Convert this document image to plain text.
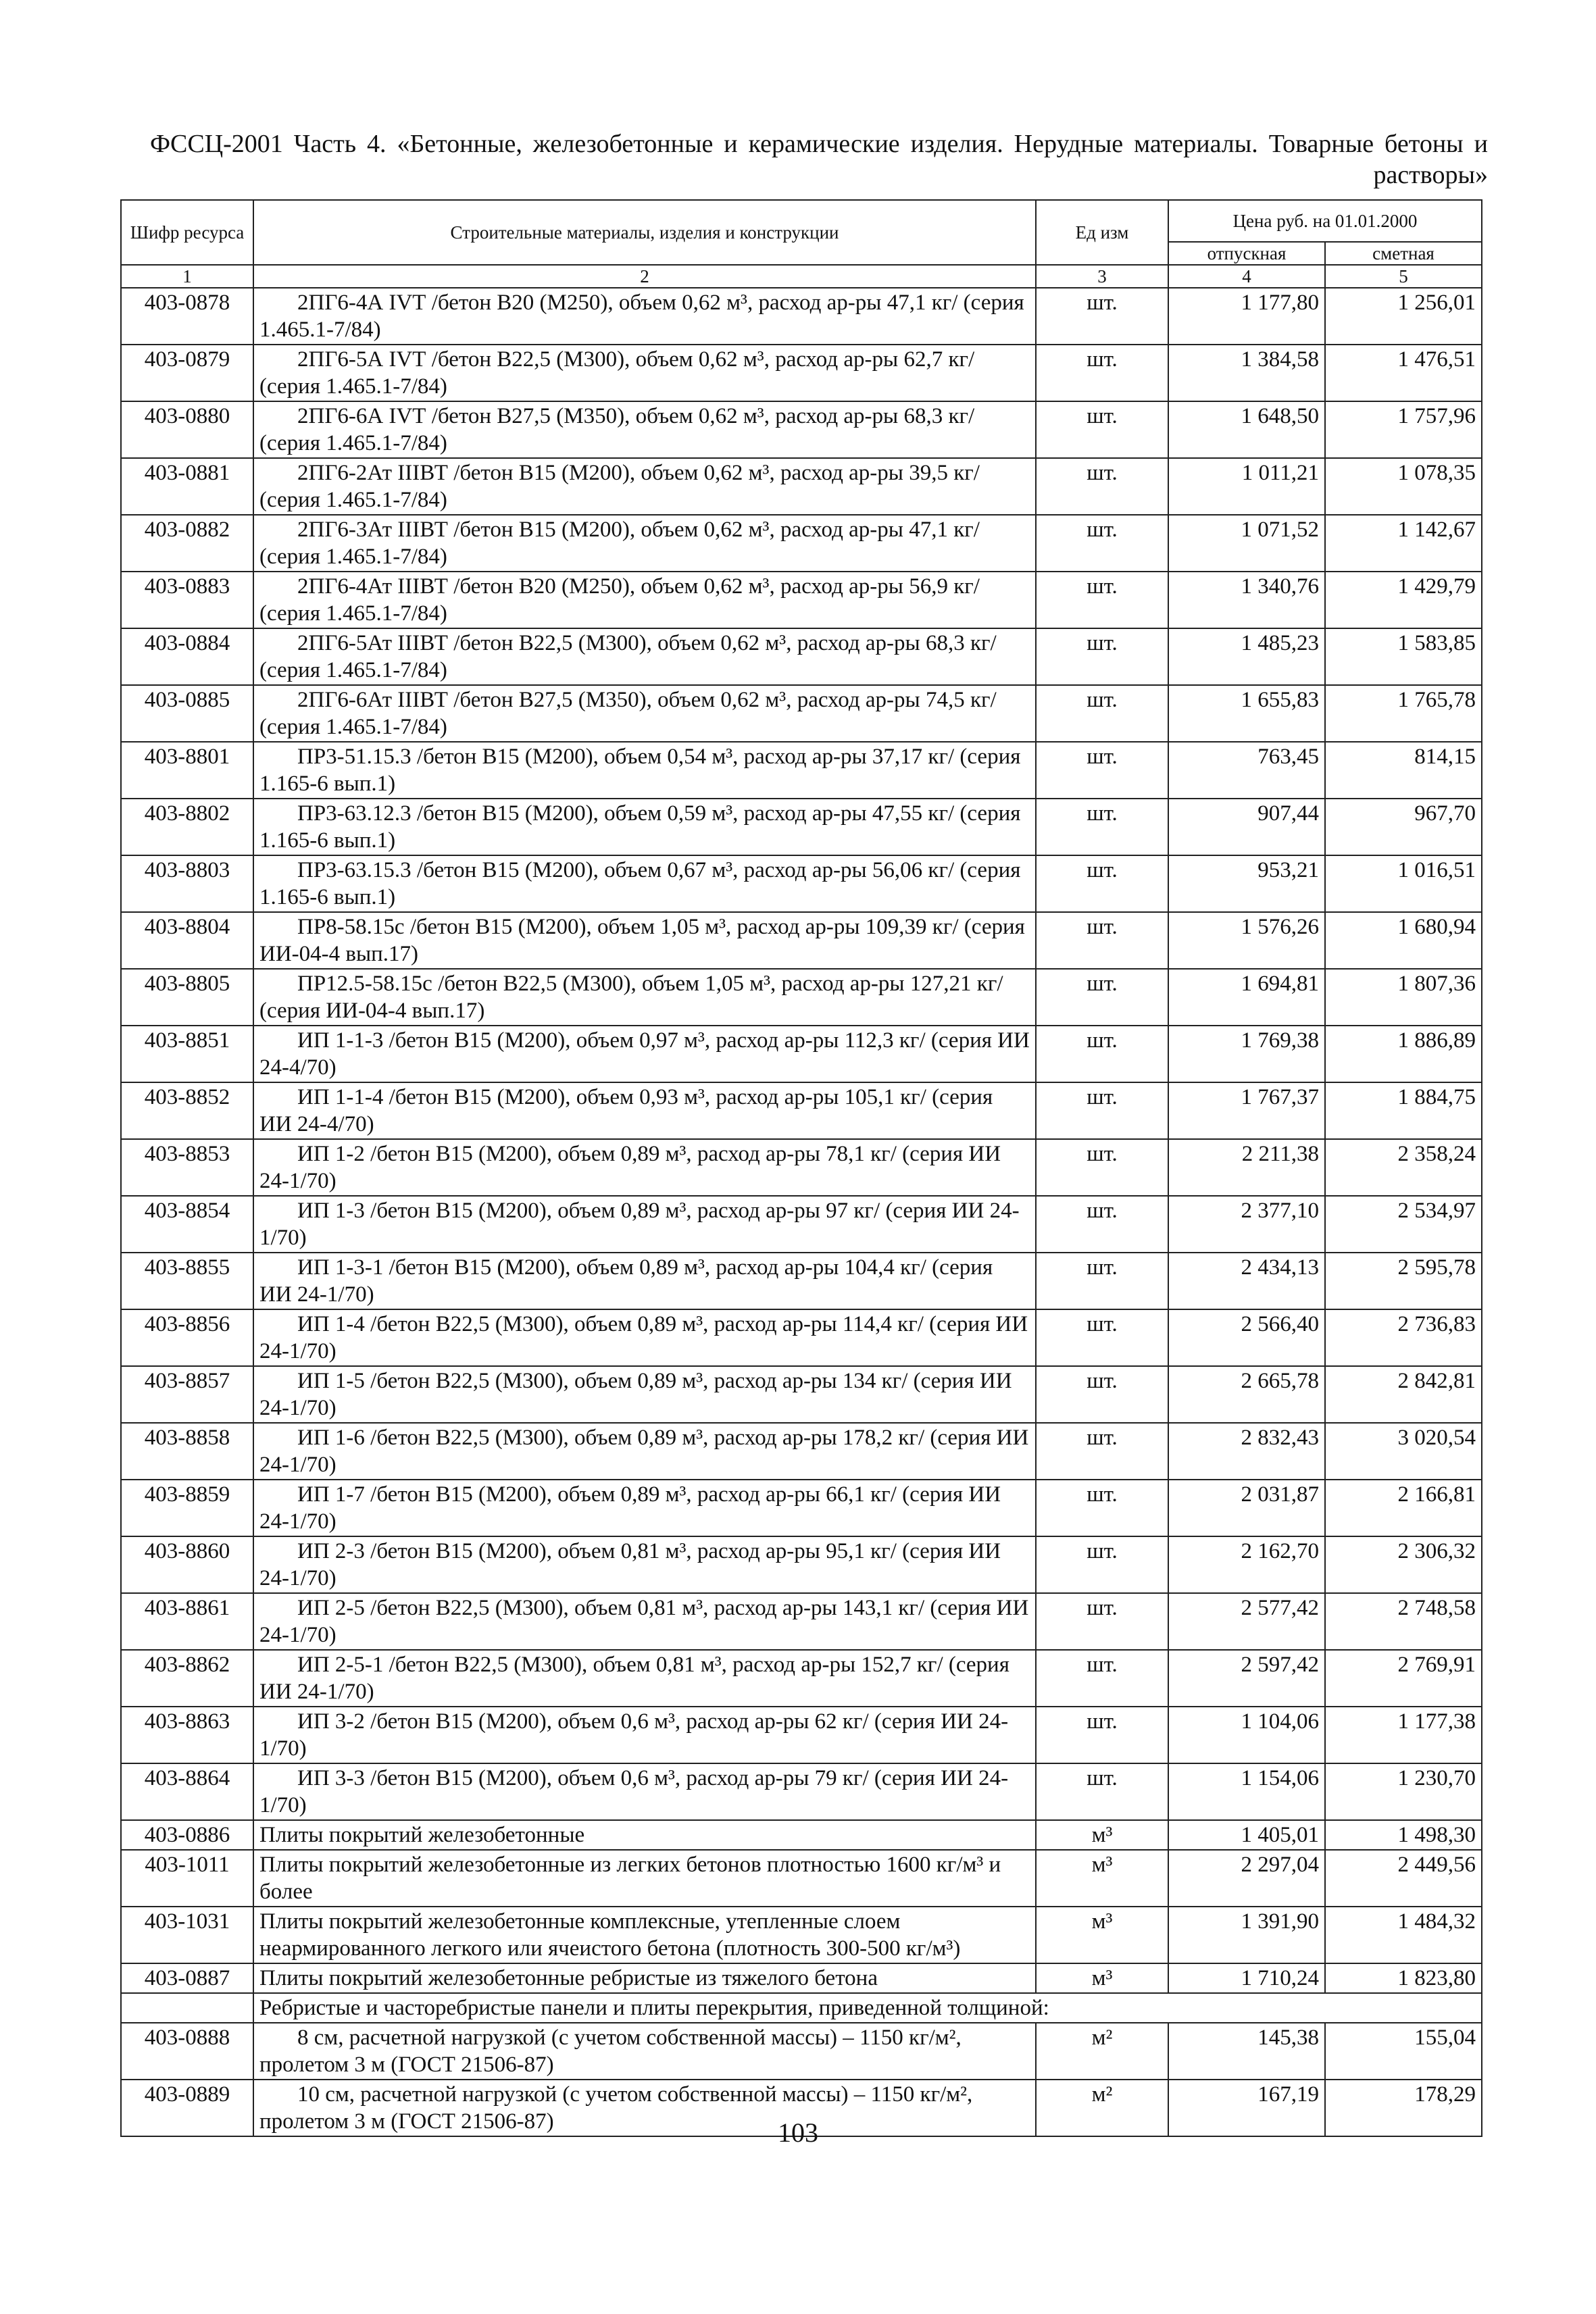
ФССЦ-2001 Часть 4. «Бетонные, железобетонные и керамические изделия. Нерудные материалы. Товарные бетоны и растворы»
Шифр ресурса	Строительные материалы, изделия и конструкции	Ед изм	Цена руб. на 01.01.2000	
			отпускная	сметная
1	2	3	4	5
403-0878	2ПГ6-4А IVТ /бетон В20 (М250), объем 0,62 м³, расход ар-ры 47,1 кг/ (серия 1.465.1-7/84)	шт.	1 177,80	1 256,01
403-0879	2ПГ6-5А IVТ /бетон В22,5 (М300), объем 0,62 м³, расход ар-ры 62,7 кг/ (серия 1.465.1-7/84)	шт.	1 384,58	1 476,51
403-0880	2ПГ6-6А IVТ /бетон В27,5 (М350), объем 0,62 м³, расход ар-ры 68,3 кг/ (серия 1.465.1-7/84)	шт.	1 648,50	1 757,96
403-0881	2ПГ6-2Ат IIIВТ /бетон В15 (М200), объем 0,62 м³, расход ар-ры 39,5 кг/ (серия 1.465.1-7/84)	шт.	1 011,21	1 078,35
403-0882	2ПГ6-3Ат IIIВТ /бетон В15 (М200), объем 0,62 м³, расход ар-ры 47,1 кг/ (серия 1.465.1-7/84)	шт.	1 071,52	1 142,67
403-0883	2ПГ6-4Ат IIIВТ /бетон В20 (М250), объем 0,62 м³, расход ар-ры 56,9 кг/ (серия 1.465.1-7/84)	шт.	1 340,76	1 429,79
403-0884	2ПГ6-5Ат IIIВТ /бетон В22,5 (М300), объем 0,62 м³, расход ар-ры 68,3 кг/ (серия 1.465.1-7/84)	шт.	1 485,23	1 583,85
403-0885	2ПГ6-6Ат IIIВТ /бетон В27,5 (М350), объем 0,62 м³, расход ар-ры 74,5 кг/ (серия 1.465.1-7/84)	шт.	1 655,83	1 765,78
403-8801	ПР3-51.15.3 /бетон В15 (М200), объем 0,54 м³, расход ар-ры 37,17 кг/ (серия 1.165-6 вып.1)	шт.	763,45	814,15
403-8802	ПР3-63.12.3 /бетон В15 (М200), объем 0,59 м³, расход ар-ры 47,55 кг/ (серия 1.165-6 вып.1)	шт.	907,44	967,70
403-8803	ПР3-63.15.3 /бетон В15 (М200), объем 0,67 м³, расход ар-ры 56,06 кг/ (серия 1.165-6 вып.1)	шт.	953,21	1 016,51
403-8804	ПР8-58.15с /бетон В15 (М200), объем 1,05 м³, расход ар-ры 109,39 кг/ (серия ИИ-04-4 вып.17)	шт.	1 576,26	1 680,94
403-8805	ПР12.5-58.15с /бетон В22,5 (М300), объем 1,05 м³, расход ар-ры 127,21 кг/ (серия ИИ-04-4 вып.17)	шт.	1 694,81	1 807,36
403-8851	ИП 1-1-3 /бетон В15 (М200), объем 0,97 м³, расход ар-ры 112,3 кг/ (серия ИИ 24-4/70)	шт.	1 769,38	1 886,89
403-8852	ИП 1-1-4 /бетон В15 (М200), объем 0,93 м³, расход ар-ры 105,1 кг/ (серия ИИ 24-4/70)	шт.	1 767,37	1 884,75
403-8853	ИП 1-2 /бетон В15 (М200), объем 0,89 м³, расход ар-ры 78,1 кг/ (серия ИИ 24-1/70)	шт.	2 211,38	2 358,24
403-8854	ИП 1-3 /бетон В15 (М200), объем 0,89 м³, расход ар-ры 97 кг/ (серия ИИ 24-1/70)	шт.	2 377,10	2 534,97
403-8855	ИП 1-3-1 /бетон В15 (М200), объем 0,89 м³, расход ар-ры 104,4 кг/ (серия ИИ 24-1/70)	шт.	2 434,13	2 595,78
403-8856	ИП 1-4 /бетон В22,5 (М300), объем 0,89 м³, расход ар-ры 114,4 кг/ (серия ИИ 24-1/70)	шт.	2 566,40	2 736,83
403-8857	ИП 1-5 /бетон В22,5 (М300), объем 0,89 м³, расход ар-ры 134 кг/ (серия ИИ 24-1/70)	шт.	2 665,78	2 842,81
403-8858	ИП 1-6 /бетон В22,5 (М300), объем 0,89 м³, расход ар-ры 178,2 кг/ (серия ИИ 24-1/70)	шт.	2 832,43	3 020,54
403-8859	ИП 1-7 /бетон В15 (М200), объем 0,89 м³, расход ар-ры 66,1 кг/ (серия ИИ 24-1/70)	шт.	2 031,87	2 166,81
403-8860	ИП 2-3 /бетон В15 (М200), объем 0,81 м³, расход ар-ры 95,1 кг/ (серия ИИ 24-1/70)	шт.	2 162,70	2 306,32
403-8861	ИП 2-5 /бетон В22,5 (М300), объем 0,81 м³, расход ар-ры 143,1 кг/ (серия ИИ 24-1/70)	шт.	2 577,42	2 748,58
403-8862	ИП 2-5-1 /бетон В22,5 (М300), объем 0,81 м³, расход ар-ры 152,7 кг/ (серия ИИ 24-1/70)	шт.	2 597,42	2 769,91
403-8863	ИП 3-2 /бетон В15 (М200), объем 0,6 м³, расход ар-ры 62 кг/ (серия ИИ 24-1/70)	шт.	1 104,06	1 177,38
403-8864	ИП 3-3 /бетон В15 (М200), объем 0,6 м³, расход ар-ры 79 кг/ (серия ИИ 24-1/70)	шт.	1 154,06	1 230,70
403-0886	Плиты покрытий железобетонные	м³	1 405,01	1 498,30
403-1011	Плиты покрытий железобетонные из легких бетонов плотностью 1600 кг/м³ и более	м³	2 297,04	2 449,56
403-1031	Плиты покрытий железобетонные комплексные, утепленные слоем неармированного легкого или ячеистого бетона (плотность 300-500 кг/м³)	м³	1 391,90	1 484,32
403-0887	Плиты покрытий железобетонные ребристые из тяжелого бетона	м³	1 710,24	1 823,80
	Ребристые и часторебристые панели и плиты перекрытия, приведенной толщиной:			
403-0888	8 см, расчетной нагрузкой (с учетом собственной массы) – 1150 кг/м², пролетом 3 м (ГОСТ 21506-87)	м²	145,38	155,04
403-0889	10 см, расчетной нагрузкой (с учетом собственной массы) – 1150 кг/м², пролетом 3 м (ГОСТ 21506-87)	м²	167,19	178,29
103
